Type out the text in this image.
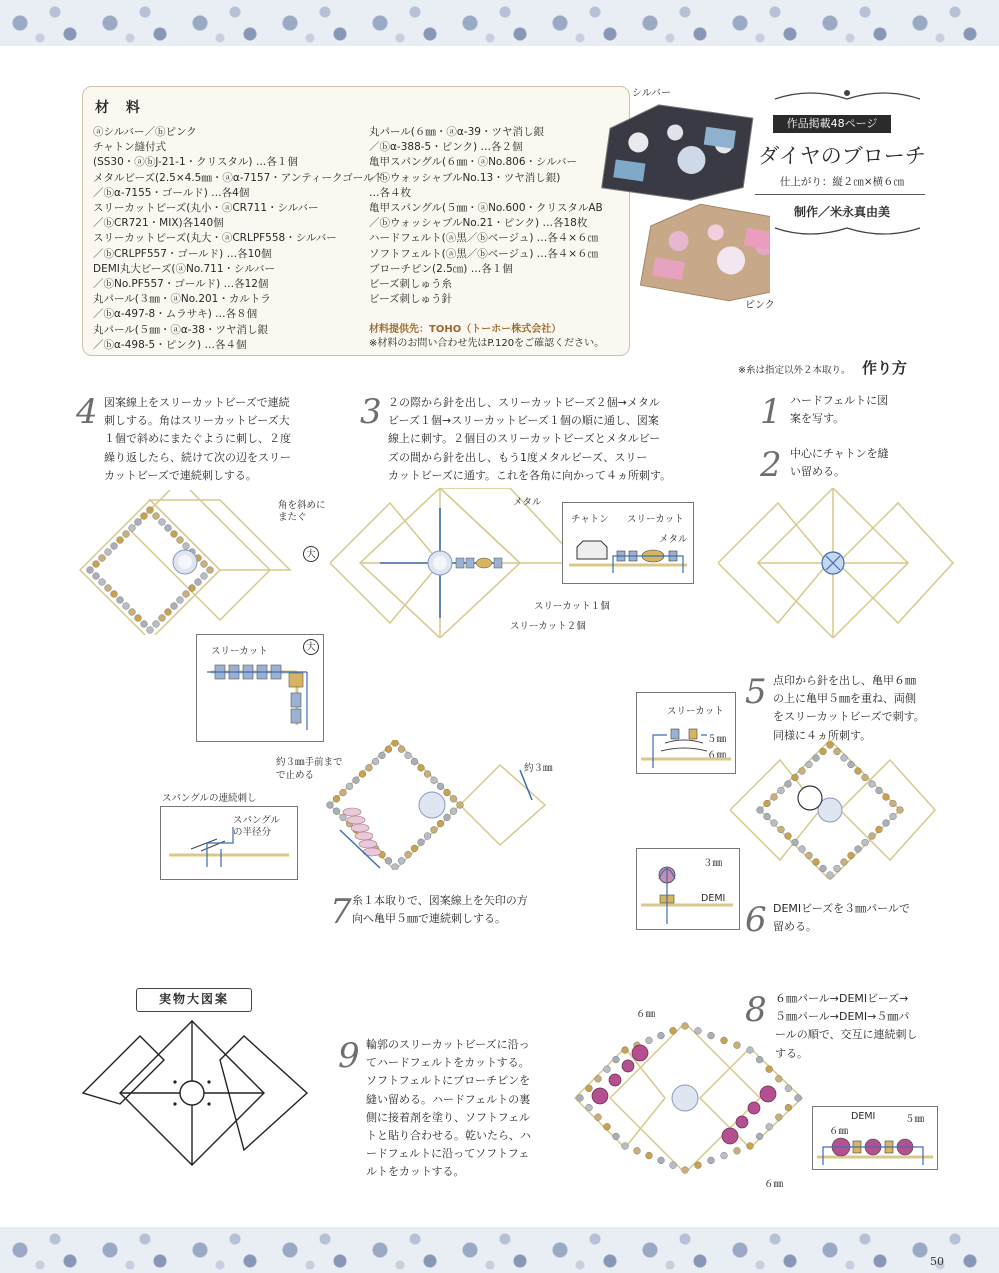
50
材 料
ⓐシルバー／ⓑピンク
チャトン縫付式
(SS30・ⓐⓑJ-21-1・クリスタル) …各１個
メタルビーズ(2.5×4.5㎜・ⓐα-7157・アンティークゴールド
／ⓑα-7155・ゴールド) …各4個
スリーカットビーズ(丸小・ⓐCR711・シルバー
／ⓑCR721・MIX)各140個
スリーカットビーズ(丸大・ⓐCRLPF558・シルバー
／ⓑCRLPF557・ゴールド) …各10個
DEMI丸大ビーズ(ⓐNo.711・シルバー
／ⓑNo.PF557・ゴールド) …各12個
丸パール(３㎜・ⓐNo.201・カルトラ
／ⓑα-497-8・ムラサキ) …各８個
丸パール(５㎜・ⓐα-38・ツヤ消し銀
／ⓑα-498-5・ピンク) …各４個
丸パール(６㎜・ⓐα-39・ツヤ消し銀
／ⓑα-388-5・ピンク) …各２個
亀甲スパングル(６㎜・ⓐNo.806・シルバー
／ⓑウォッシャブルNo.13・ツヤ消し銀)
…各４枚
亀甲スパングル(５㎜・ⓐNo.600・クリスタルAB
／ⓑウォッシャブルNo.21・ピンク) …各18枚
ハードフェルト(ⓐ黒／ⓑベージュ) …各４×６㎝
ソフトフェルト(ⓐ黒／ⓑベージュ) …各４×６㎝
ブローチピン(2.5㎝) …各１個
ビーズ刺しゅう糸
ビーズ刺しゅう針
材料提供先：TOHO（トーホー株式会社）
※材料のお問い合わせ先はP.120をご確認ください。
シルバー
ピンク
作品掲載48ページ
ダイヤのブローチ
仕上がり：縦２㎝×横６㎝
制作／米永真由美
※糸は指定以外２本取り。 作り方
4 図案線上をスリーカットビーズで連続
刺しする。角はスリーカットビーズ大
１個で斜めにまたぐように刺し、２度
繰り返したら、続けて次の辺をスリー
カットビーズで連続刺しする。
3 ２の際から針を出し、スリーカットビーズ２個→メタル
ビーズ１個→スリーカットビーズ１個の順に通し、図案
線上に刺す。２個目のスリーカットビーズとメタルビー
ズの間から針を出し、もう1度メタルビーズ、スリー
カットビーズに通す。これを各角に向かって４ヵ所刺す。
1 ハードフェルトに図
案を写す。
2 中心にチャトンを縫
い留める。
角を斜めに
またぐ
大
スリーカット	大
メタル
スリーカット１個
スリーカット２個
チャトン スリーカット
メタル
5 点印から針を出し、亀甲６㎜
の上に亀甲５㎜を重ね、両側
をスリーカットビーズで刺す。
同様に４ヵ所刺す。
スリーカット
５㎜
６㎜
３㎜
DEMI
6 DEMIビーズを３㎜パールで
留める。
約３㎜手前まで
で止める
約３㎜
スパングルの連続刺し
スパングル
の半径分
7 糸１本取りで、図案線上を矢印の方
向へ亀甲５㎜で連続刺しする。
実物大図案
9 輪郭のスリーカットビーズに沿っ
てハードフェルトをカットする。
ソフトフェルトにブローチピンを
縫い留める。ハードフェルトの裏
側に接着剤を塗り、ソフトフェル
トと貼り合わせる。乾いたら、ハ
ードフェルトに沿ってソフトフェ
ルトをカットする。
8 ６㎜パール→DEMIビーズ→
５㎜パール→DEMI→５㎜パ
ールの順で、交互に連続刺し
する。
６㎜
６㎜
DEMI	５㎜
６㎜
